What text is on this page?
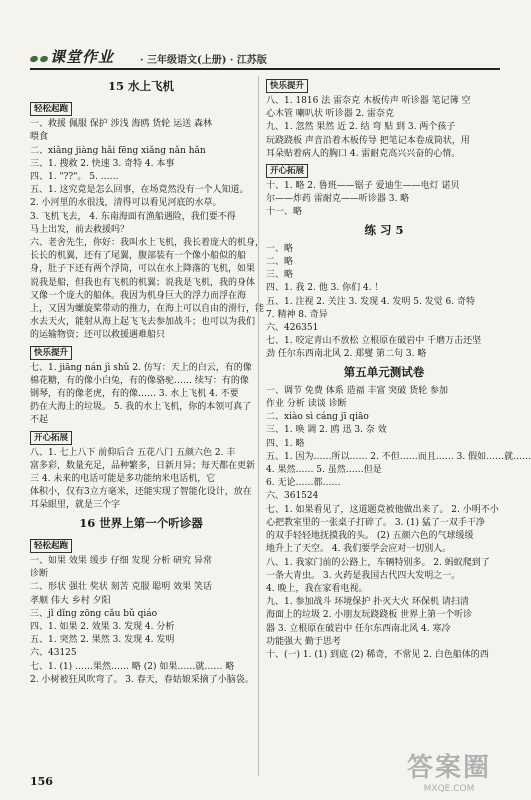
课堂作业	· 三年级语文(上册) · 江苏版
15 水上飞机
轻松起跑
一、救援 佩服 保护 涉浅 海鸥 货轮 运送 森林
喂食
二、xiǎng jiàng hǎi fēng xiǎng nǎn hǎn
三、1. 搜救 2. 快速 3. 奇特 4. 本事
四、1. "??"。 5. ……
五、1. 这究竟是怎么回事，在场竟然没有一个人知道。
2. 小河里的水很浅，清得可以看见河底的水草。
3. 飞机飞去， 4. 东南海面有渔船遇险，我们要不得
马上出发，前去救援吗？
六、老舍先生，你好：我叫水上飞机，我长着庞大的机身，
长长的机翼，还有了尾翼，腹部装有一个像小船似的船
身，肚子下还有两个浮筒，可以在水上降落的飞机，如果
说我是船，但我也有飞机的机翼；说我是飞机，我的身体
又像一个庞大的船体。我因为机身巨大的浮力而浮在海
上，又因为螺旋桨带动的推力，在海上可以自由的滑行，能
水去天火，能射从海上起飞飞去参加战斗；也可以为我们
的运输物资；还可以救援遇难船只
快乐提升
七、1. jiāng nán jì shǔ 2. 仿写：天上的白云，有的像
棉花糖，有的像小白兔，有的像骆驼…… 续写：有的像
钢琴，有的像老虎，有的像…… 3. 水上飞机 4. 不要
扔在大海上的垃圾。 5. 我的水上飞机，你的本领可真了
不起
开心拓展
八、1. 七上八下 前仰后合 五花八门 五颜六色 2. 丰
富多彩，数量充足，品种繁多，日新月异；每天都在更新
三 4. 未来的电话可能是多功能纳米电话机，它
体积小，仅有3立方毫米，还能实现了智能化设计，放在
耳朵眼里，就是三个字
16 世界上第一个听诊器
轻松起跑
一、如果 效果 缓步 仔细 发现 分析 研究 异常
诊断
二、形状 强壮 奖状 刻苦 克服 聪明 效果 笑话
孝顺 伟大 乡村 夕阳
三、jǐ dǐng zōng cǎu bǔ qiáo
四、1. 如果 2. 效果 3. 发现 4. 分析
五、1. 突然 2. 果然 3. 发现 4. 发明
六、43125
七、1. (1) ……果然…… 略 (2) 如果……就…… 略
2. 小树被狂风吹弯了。 3. 春天，春姑娘采摘了小脑袋。
快乐提升
八、1. 1816 法 雷奈克 木板传声 听诊器 笔记簿 空
心木管 喇叭状 听诊器 2. 雷奈克
九、1. 忽然 果然 近 2. 结 弯 贴 到 3. 两个孩子
玩跷跷板 声音沿着木板传导 把笔记本卷成筒状，用
耳朵贴着病人的胸口 4. 雷耐克高兴兴奋的心情。
开心拓展
十、1. 略 2. 鲁班——锯子 爱迪生——电灯 诺贝
尔——炸药 雷耐克——听诊器 3. 略
十一、略
练 习 5
一、略
二、略
三、略
四、1. 我 2. 他 3. 你们 4. ！
五、1. 注视 2. 关注 3. 发现 4. 发明 5. 发觉 6. 奇特
7. 精神 8. 奇异
六、426351
七、1. 咬定青山不放松 立根原在破岩中 千磨万击还坚
劲 任尔东西南北风 2. 郑燮 第二句 3. 略
第五单元测试卷
一、调节 免费 体系 造福 丰富 突破 货轮 参加
作业 分析 读谈 诊断
二、xiào sì cáng jī qiāo
三、1. 唤 调 2. 鸥 迅 3. 奈 效
四、1. 略
五、1. 因为……所以…… 2. 不但……而且…… 3. 假如……就……
4. 果然…… 5. 虽然……但是
6. 无论……都……
六、361524
七、1. 如果看见了，这道题竟被他做出来了。 2. 小明不小
心把教室里的一张桌子打碎了。 3. (1) 猛了一双手干净
的双手轻轻地抚摸我的头。 (2) 五颜六色的气球缓缓
地升上了天空。 4. 我们要学会应对一切别人。
八、1. 我家门前的公路上，车辆特别多。 2. 蚂蚁爬到了
一条大青虫。 3. 火药是我国古代四大发明之一。
4. 晚上，我在家看电视。
九、1. 参加战斗 环境保护 扑灭大火 环保机 请扫清
海面上的垃圾 2. 小朋友玩跷跷板 世界上第一个听诊
器 3. 立根原在破岩中 任尔东西南北风 4. 寒冷
功能强大 勤于思考
十、(一) 1. (1) 到底 (2) 稀奇，不常见 2. 白色船体的西
156	答案圈
MXQE.COM
